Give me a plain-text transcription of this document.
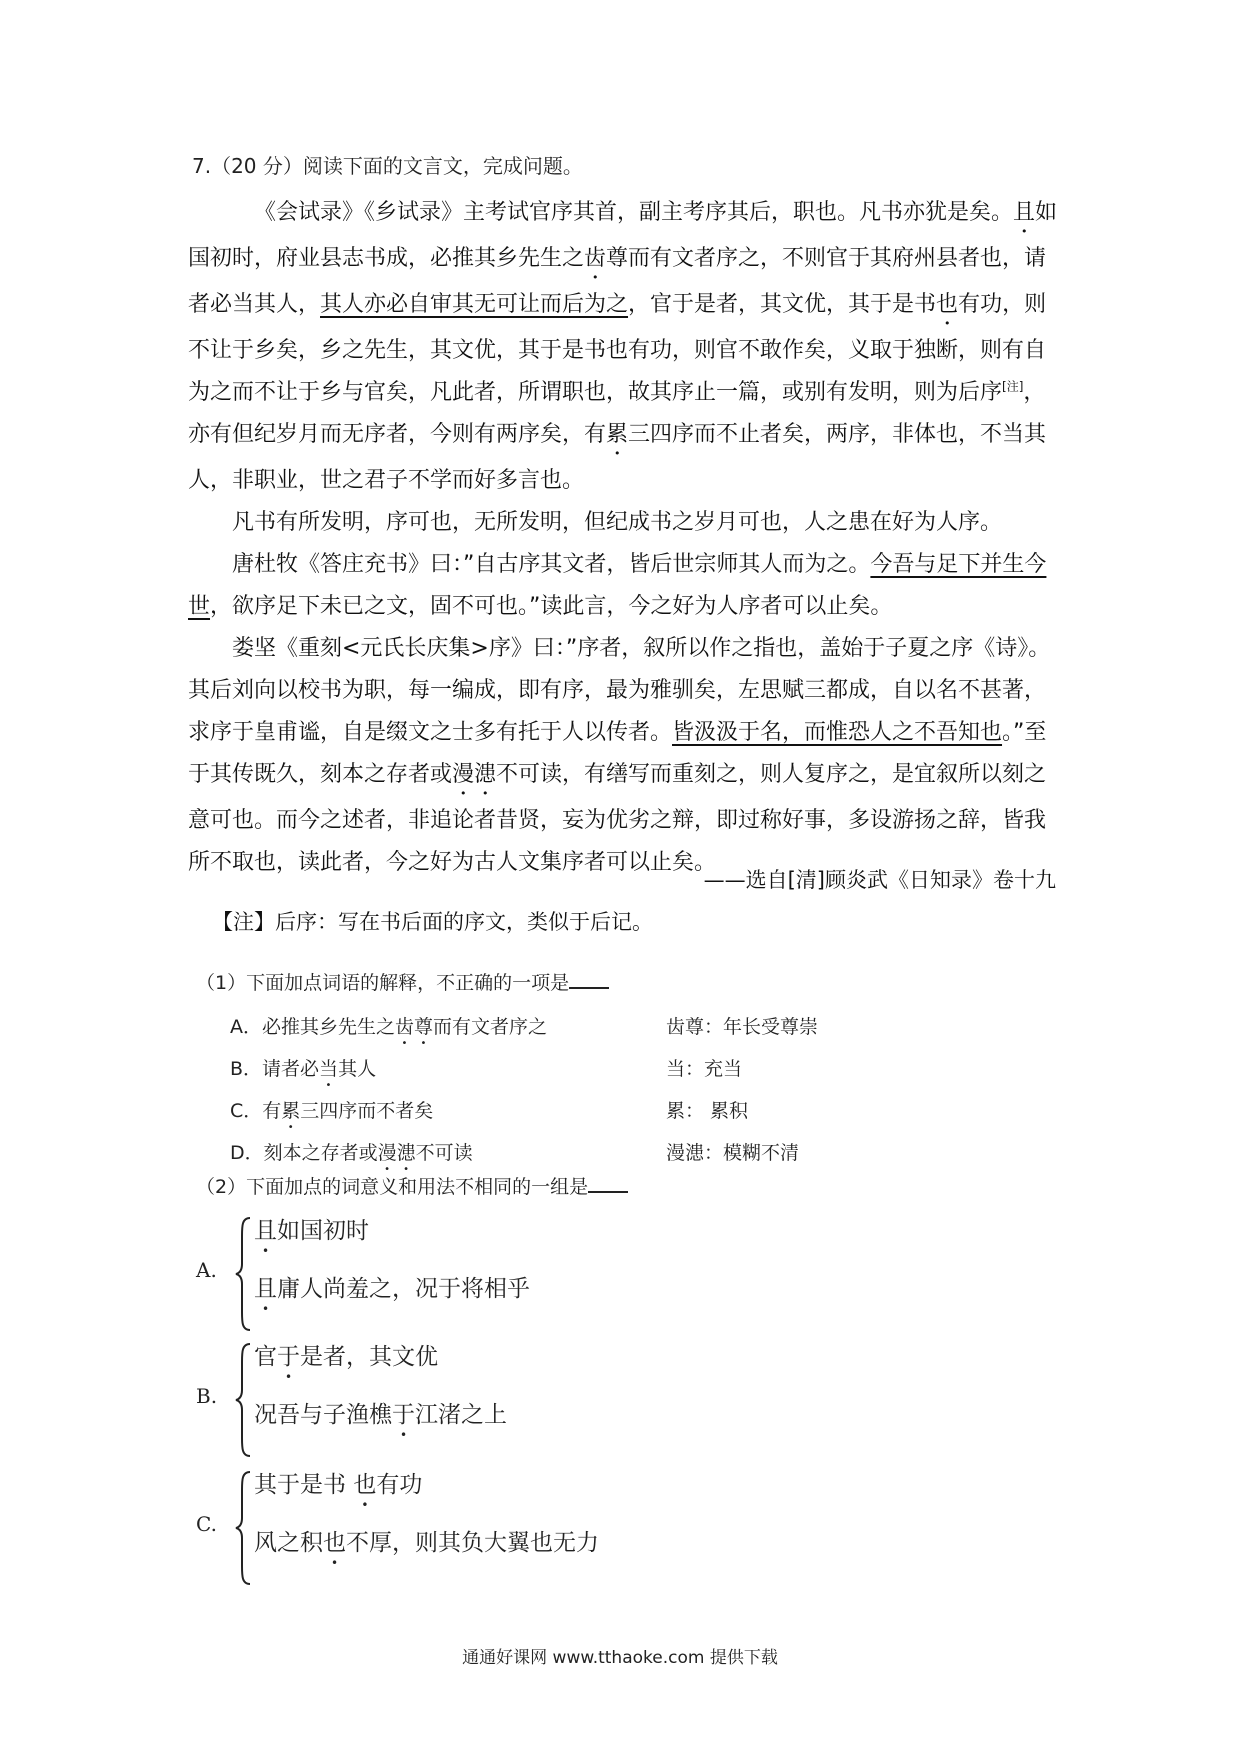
7.（20 分）阅读下面的文言文，完成问题。

《会试录》《乡试录》主考试官序其首，副主考序其后，职也。凡书亦犹是矣。且如国初时，府业县志书成，必推其乡先生之齿尊而有文者序之，不则官于其府州县者也，请者必当其人，其人亦必自审其无可让而后为之，官于是者，其文优，其于是书也有功，则不让于乡矣，乡之先生，其文优，其于是书也有功，则官不敢作矣，义取于独断，则有自为之而不让于乡与官矣，凡此者，所谓职也，故其序止一篇，或别有发明，则为后序[注]，亦有但纪岁月而无序者，今则有两序矣，有累三四序而不止者矣，两序，非体也，不当其人，非职业，世之君子不学而好多言也。

凡书有所发明，序可也，无所发明，但纪成书之岁月可也，人之患在好为人序。

唐杜牧《答庄充书》曰：”自古序其文者，皆后世宗师其人而为之。今吾与足下并生今世，欲序足下未已之文，固不可也。”读此言，今之好为人序者可以止矣。

娄坚《重刻<元氏长庆集>序》曰：”序者，叙所以作之指也，盖始于子夏之序《诗》。其后刘向以校书为职，每一编成，即有序，最为雅驯矣，左思赋三都成，自以名不甚著，求序于皇甫谧，自是缀文之士多有托于人以传者。皆汲汲于名，而惟恐人之不吾知也。”至于其传既久，刻本之存者或漫漶不可读，有缮写而重刻之，则人复序之，是宜叙所以刻之意可也。而今之述者，非追论者昔贤，妄为优劣之辩，即过称好事，多设游扬之辞，皆我所不取也，读此者，今之好为古人文集序者可以止矣。

——选自[清]顾炎武《日知录》卷十九
【注】后序：写在书后面的序文，类似于后记。
（1）下面加点词语的解释，不正确的一项是
A．必推其乡先生之齿尊而有文者序之	齿尊：年长受尊崇
B．请者必当其人	当：充当
C．有累三四序而不者矣	累： 累积
D．刻本之存者或漫漶不可读	漫漶：模糊不清
（2）下面加点的词意义和用法不相同的一组是
A.
且如国初时
且庸人尚羞之，况于将相乎
B.
官于是者，其文优
况吾与子渔樵于江渚之上
C.
其于是书 也有功
风之积也不厚，则其负大翼也无力
通通好课网 www.tthaoke.com 提供下载
